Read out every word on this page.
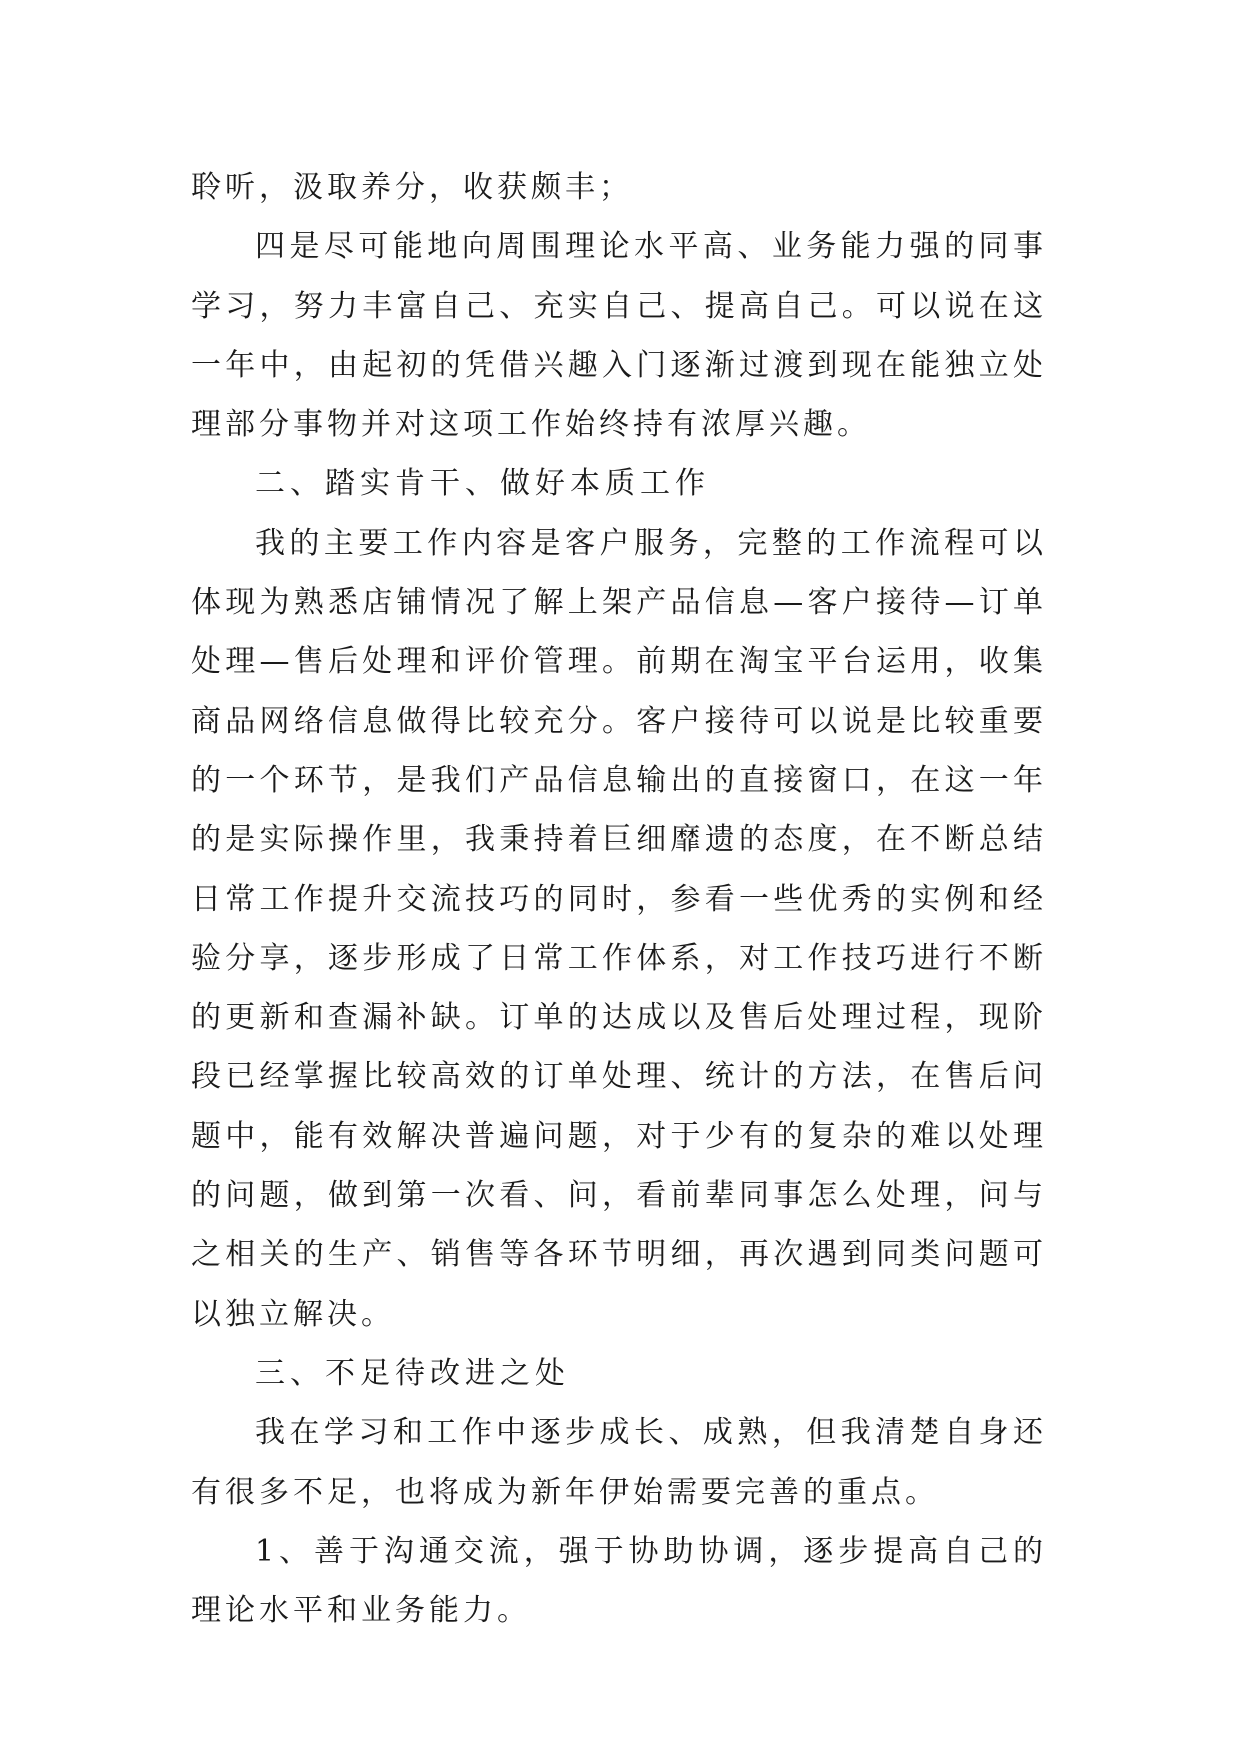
聆听，汲取养分，收获颇丰；

四是尽可能地向周围理论水平高、业务能力强的同事学习，努力丰富自己、充实自己、提高自己。可以说在这一年中，由起初的凭借兴趣入门逐渐过渡到现在能独立处理部分事物并对这项工作始终持有浓厚兴趣。

二、踏实肯干、做好本质工作

我的主要工作内容是客户服务，完整的工作流程可以体现为熟悉店铺情况了解上架产品信息—客户接待—订单处理—售后处理和评价管理。前期在淘宝平台运用，收集商品网络信息做得比较充分。客户接待可以说是比较重要的一个环节，是我们产品信息输出的直接窗口，在这一年的是实际操作里，我秉持着巨细靡遗的态度，在不断总结日常工作提升交流技巧的同时，参看一些优秀的实例和经验分享，逐步形成了日常工作体系，对工作技巧进行不断的更新和查漏补缺。订单的达成以及售后处理过程，现阶段已经掌握比较高效的订单处理、统计的方法，在售后问题中，能有效解决普遍问题，对于少有的复杂的难以处理的问题，做到第一次看、问，看前辈同事怎么处理，问与之相关的生产、销售等各环节明细，再次遇到同类问题可以独立解决。

三、不足待改进之处

我在学习和工作中逐步成长、成熟，但我清楚自身还有很多不足，也将成为新年伊始需要完善的重点。

1、善于沟通交流，强于协助协调，逐步提高自己的理论水平和业务能力。
